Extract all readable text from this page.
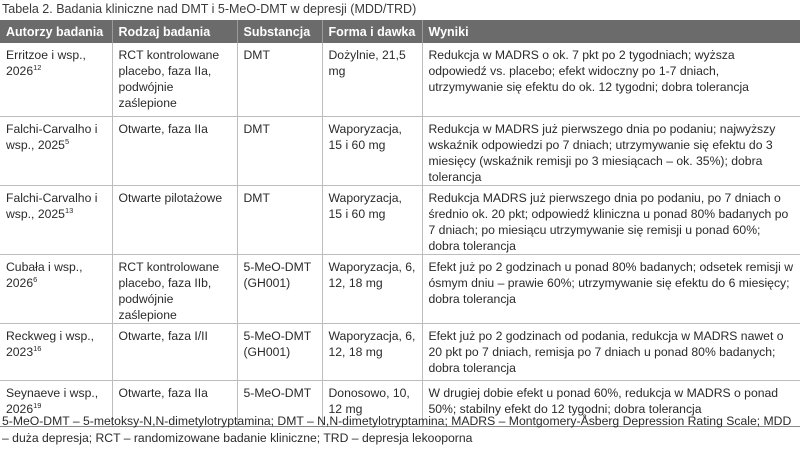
Tabela 2. Badania kliniczne nad DMT i 5-MeO-DMT w depresji (MDD/TRD)
Autorzy badania	Rodzaj badania	Substancja	Forma i dawka	Wyniki
Erritzoe i wsp., 2026$^{12}$	RCT kontrolowane placebo, faza IIa, podwójnie zaślepione	DMT	Dożylnie, 21,5 mg	Redukcja w MADRS o ok. 7 pkt po 2 tygodniach; wyższa odpowiedź vs. placebo; efekt widoczny po 1-7 dniach, utrzymywanie się efektu do ok. 12 tygodni; dobra tolerancja
Falchi-Carvalho i wsp., 2025$^5$	Otwarte, faza IIa	DMT	Waporyzacja, 15 i 60 mg	Redukcja w MADRS już pierwszego dnia po podaniu; najwyższy wskaźnik odpowiedzi po 7 dniach; utrzymywanie się efektu do 3 miesięcy (wskaźnik remisji po 3 miesiącach – ok. 35%); dobra tolerancja
Falchi-Carvalho i wsp., 2025$^{13}$	Otwarte pilotażowe	DMT	Waporyzacja, 15 i 60 mg	Redukcja MADRS już pierwszego dnia po podaniu, po 7 dniach o średnio ok. 20 pkt; odpowiedź kliniczna u ponad 80% badanych po 7 dniach; po miesiącu utrzymywanie się remisji u ponad 60%; dobra tolerancja
Cubała i wsp., 2026$^6$	RCT kontrolowane placebo, faza IIb, podwójnie zaślepione	5-MeO-DMT (GH001)	Waporyzacja, 6, 12, 18 mg	Efekt już po 2 godzinach u ponad 80% badanych; odsetek remisji w ósmym dniu – prawie 60%; utrzymywanie się efektu do 6 miesięcy; dobra tolerancja
Reckweg i wsp., 2023$^{16}$	Otwarte, faza I/II	5-MeO-DMT (GH001)	Waporyzacja, 6, 12, 18 mg	Efekt już po 2 godzinach od podania, redukcja w MADRS nawet o 20 pkt po 7 dniach, remisja po 7 dniach u ponad 80% badanych; dobra tolerancja
Seynaeve i wsp., 2026$^{19}$	Otwarte, faza IIa	5-MeO-DMT	Donosowo, 10, 12 mg	W drugiej dobie efekt u ponad 60%, redukcja w MADRS o ponad 50%; stabilny efekt do 12 tygodni; dobra tolerancja
5-MeO-DMT – 5-metoksy-N,N-dimetylotryptamina; DMT – N,N-dimetylotryptamina; MADRS – Montgomery-Åsberg Depression Rating Scale; MDD – duża depresja; RCT – randomizowane badanie kliniczne; TRD – depresja lekooporna
